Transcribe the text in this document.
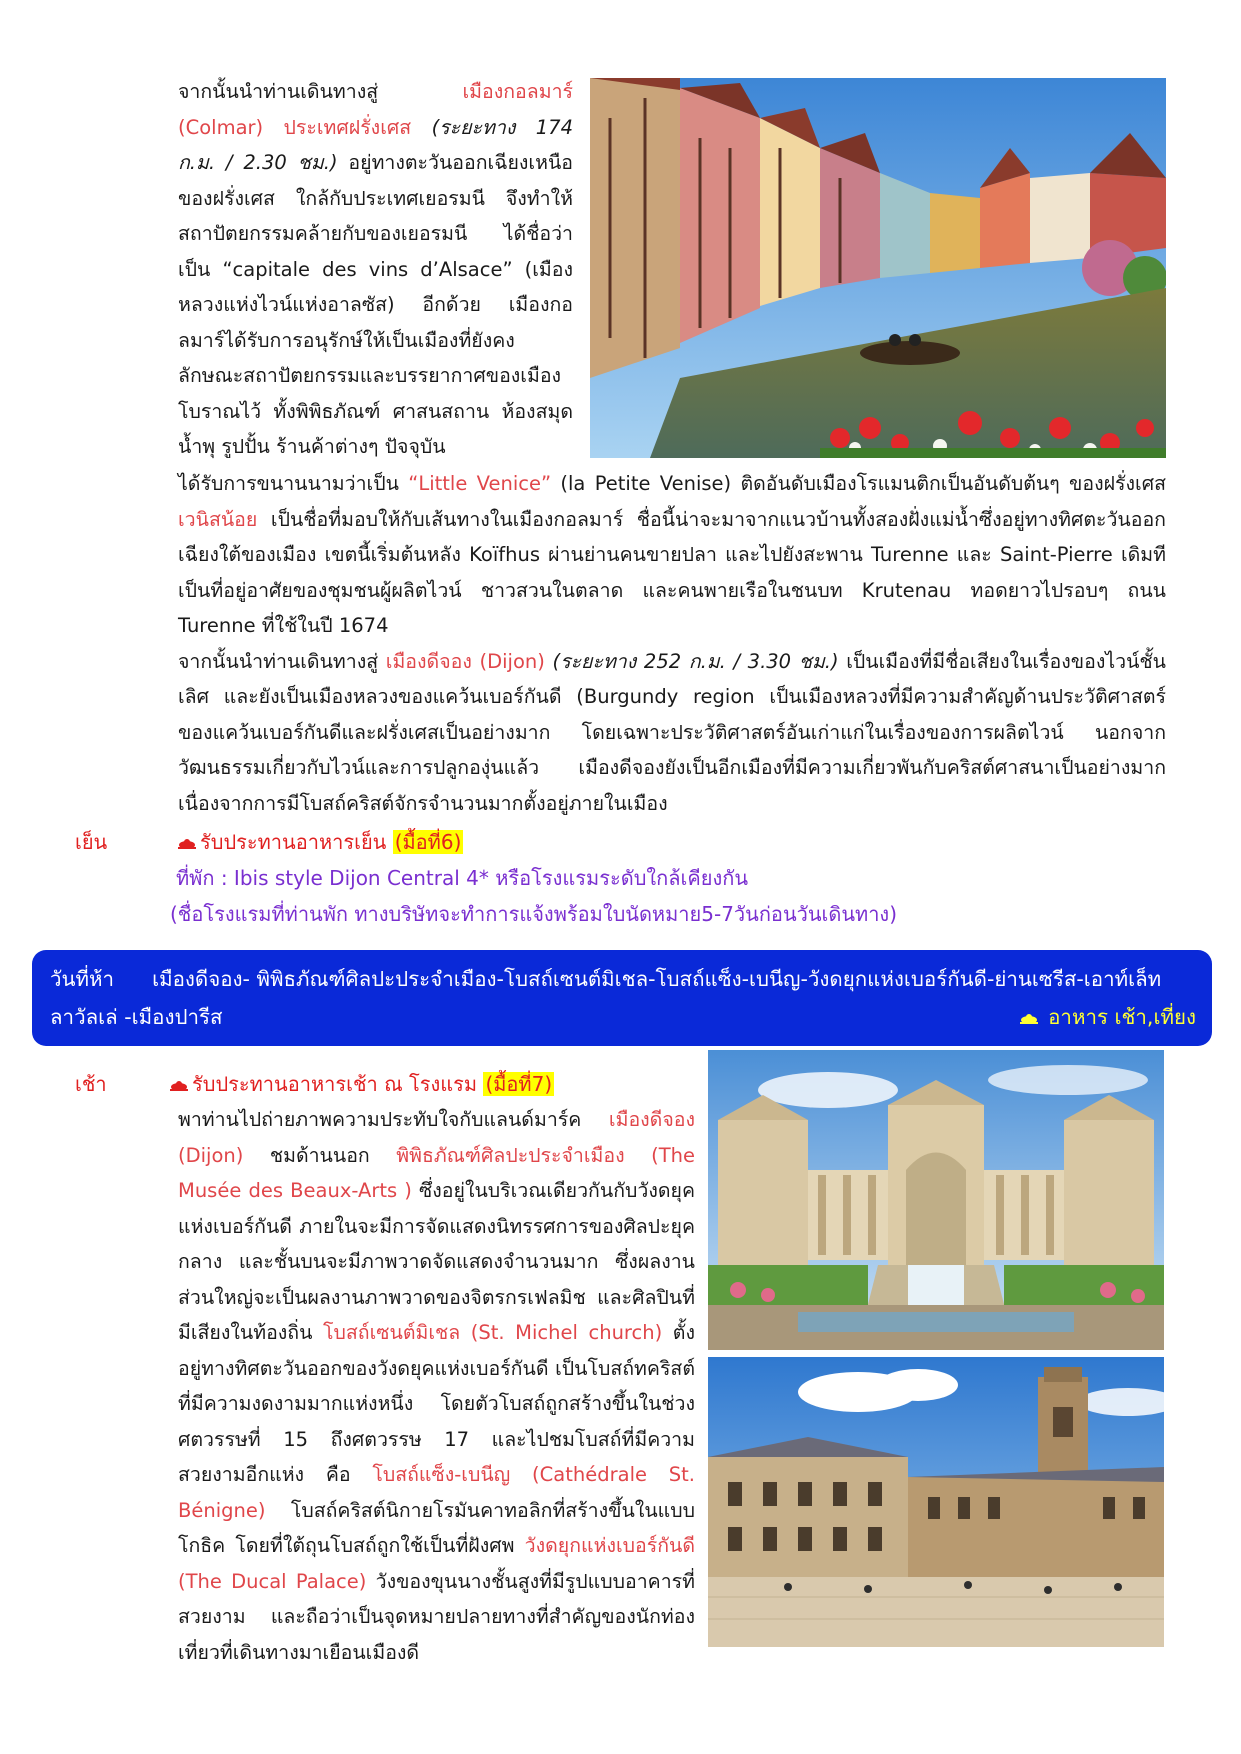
จากนั้นนำท่านเดินทางสู่ เมืองกอลมาร์ (Colmar) ประเทศฝรั่งเศส (ระยะทาง 174 ก.ม. / 2.30 ชม.) อยู่ทางตะวันออกเฉียงเหนือของฝรั่งเศส ใกล้กับประเทศเยอรมนี จึงทำให้สถาปัตยกรรมคล้ายกับของเยอรมนี ได้ชื่อว่าเป็น “capitale des vins d’Alsace” (เมืองหลวงแห่งไวน์แห่งอาลซัส) อีกด้วย เมืองกอลมาร์ได้รับการอนุรักษ์ให้เป็นเมืองที่ยังคงลักษณะสถาปัตยกรรมและบรรยากาศของเมืองโบราณไว้ ทั้งพิพิธภัณฑ์ ศาสนสถาน ห้องสมุด น้ำพุ รูปปั้น ร้านค้าต่างๆ ปัจจุบัน

ได้รับการขนานนามว่าเป็น “Little Venice” (la Petite Venise) ติดอันดับเมืองโรแมนติกเป็นอันดับต้นๆ ของฝรั่งเศส เวนิสน้อย เป็นชื่อที่มอบให้กับเส้นทางในเมืองกอลมาร์ ชื่อนี้น่าจะมาจากแนวบ้านทั้งสองฝั่งแม่น้ำซึ่งอยู่ทางทิศตะวันออกเฉียงใต้ของเมือง เขตนี้เริ่มต้นหลัง Koïfhus ผ่านย่านคนขายปลา และไปยังสะพาน Turenne และ Saint-Pierre เดิมทีเป็นที่อยู่อาศัยของชุมชนผู้ผลิตไวน์ ชาวสวนในตลาด และคนพายเรือในชนบท Krutenau ทอดยาวไปรอบๆ ถนน Turenne ที่ใช้ในปี 1674

จากนั้นนำท่านเดินทางสู่ เมืองดีจอง (Dijon) (ระยะทาง 252 ก.ม. / 3.30 ชม.) เป็นเมืองที่มีชื่อเสียงในเรื่องของไวน์ชั้นเลิศ และยังเป็นเมืองหลวงของแคว้นเบอร์กันดี (Burgundy region เป็นเมืองหลวงที่มีความสำคัญด้านประวัติศาสตร์ของแคว้นเบอร์กันดีและฝรั่งเศสเป็นอย่างมาก โดยเฉพาะประวัติศาสตร์อันเก่าแก่ในเรื่องของการผลิตไวน์ นอกจากวัฒนธรรมเกี่ยวกับไวน์และการปลูกองุ่นแล้ว เมืองดีจองยังเป็นอีกเมืองที่มีความเกี่ยวพันกับคริสต์ศาสนาเป็นอย่างมาก เนื่องจากการมีโบสถ์คริสต์จักรจำนวนมากตั้งอยู่ภายในเมือง

เย็น	รับประทานอาหารเย็น (มื้อที่6)
ที่พัก : Ibis style Dijon Central 4* หรือโรงแรมระดับใกล้เคียงกัน
(ชื่อโรงแรมที่ท่านพัก ทางบริษัทจะทำการแจ้งพร้อมใบนัดหมาย5-7วันก่อนวันเดินทาง)
วันที่ห้า เมืองดีจอง- พิพิธภัณฑ์ศิลปะประจำเมือง-โบสถ์เซนต์มิเชล-โบสถ์แซ็ง-เบนีญ-วังดยุกแห่งเบอร์กันดี-ย่านเซรีส-เอาท์เล็ท
ลาวัลเล่ -เมืองปารีส	อาหาร เช้า,เที่ยง
เช้า	รับประทานอาหารเช้า ณ โรงแรม (มื้อที่7)

พาท่านไปถ่ายภาพความประทับใจกับแลนด์มาร์ค เมืองดีจอง (Dijon) ชมด้านนอก พิพิธภัณฑ์ศิลปะประจำเมือง (The Musée des Beaux-Arts ) ซึ่งอยู่ในบริเวณเดียวกันกับวังดยุคแห่งเบอร์กันดี ภายในจะมีการจัดแสดงนิทรรศการของศิลปะยุคกลาง และชั้นบนจะมีภาพวาดจัดแสดงจำนวนมาก ซึ่งผลงานส่วนใหญ่จะเป็นผลงานภาพวาดของจิตรกรเฟลมิช และศิลปินที่มีเสียงในท้องถิ่น โบสถ์เซนต์มิเชล (St. Michel church) ตั้งอยู่ทางทิศตะวันออกของวังดยุคแห่งเบอร์กันดี เป็นโบสถ์ทคริสต์ที่มีความงดงามมากแห่งหนึ่ง โดยตัวโบสถ์ถูกสร้างขึ้นในช่วงศตวรรษที่ 15 ถึงศตวรรษ 17 และไปชมโบสถ์ที่มีความสวยงามอีกแห่ง คือ โบสถ์แซ็ง-เบนีญ (Cathédrale St. Bénigne) โบสถ์คริสต์นิกายโรมันคาทอลิกที่สร้างขึ้นในแบบโกธิค โดยที่ใต้ถุนโบสถ์ถูกใช้เป็นที่ฝังศพ วังดยุกแห่งเบอร์กันดี (The Ducal Palace) วังของขุนนางชั้นสูงที่มีรูปแบบอาคารที่สวยงาม และถือว่าเป็นจุดหมายปลายทางที่สำคัญของนักท่องเที่ยวที่เดินทางมาเยือนเมืองดี
